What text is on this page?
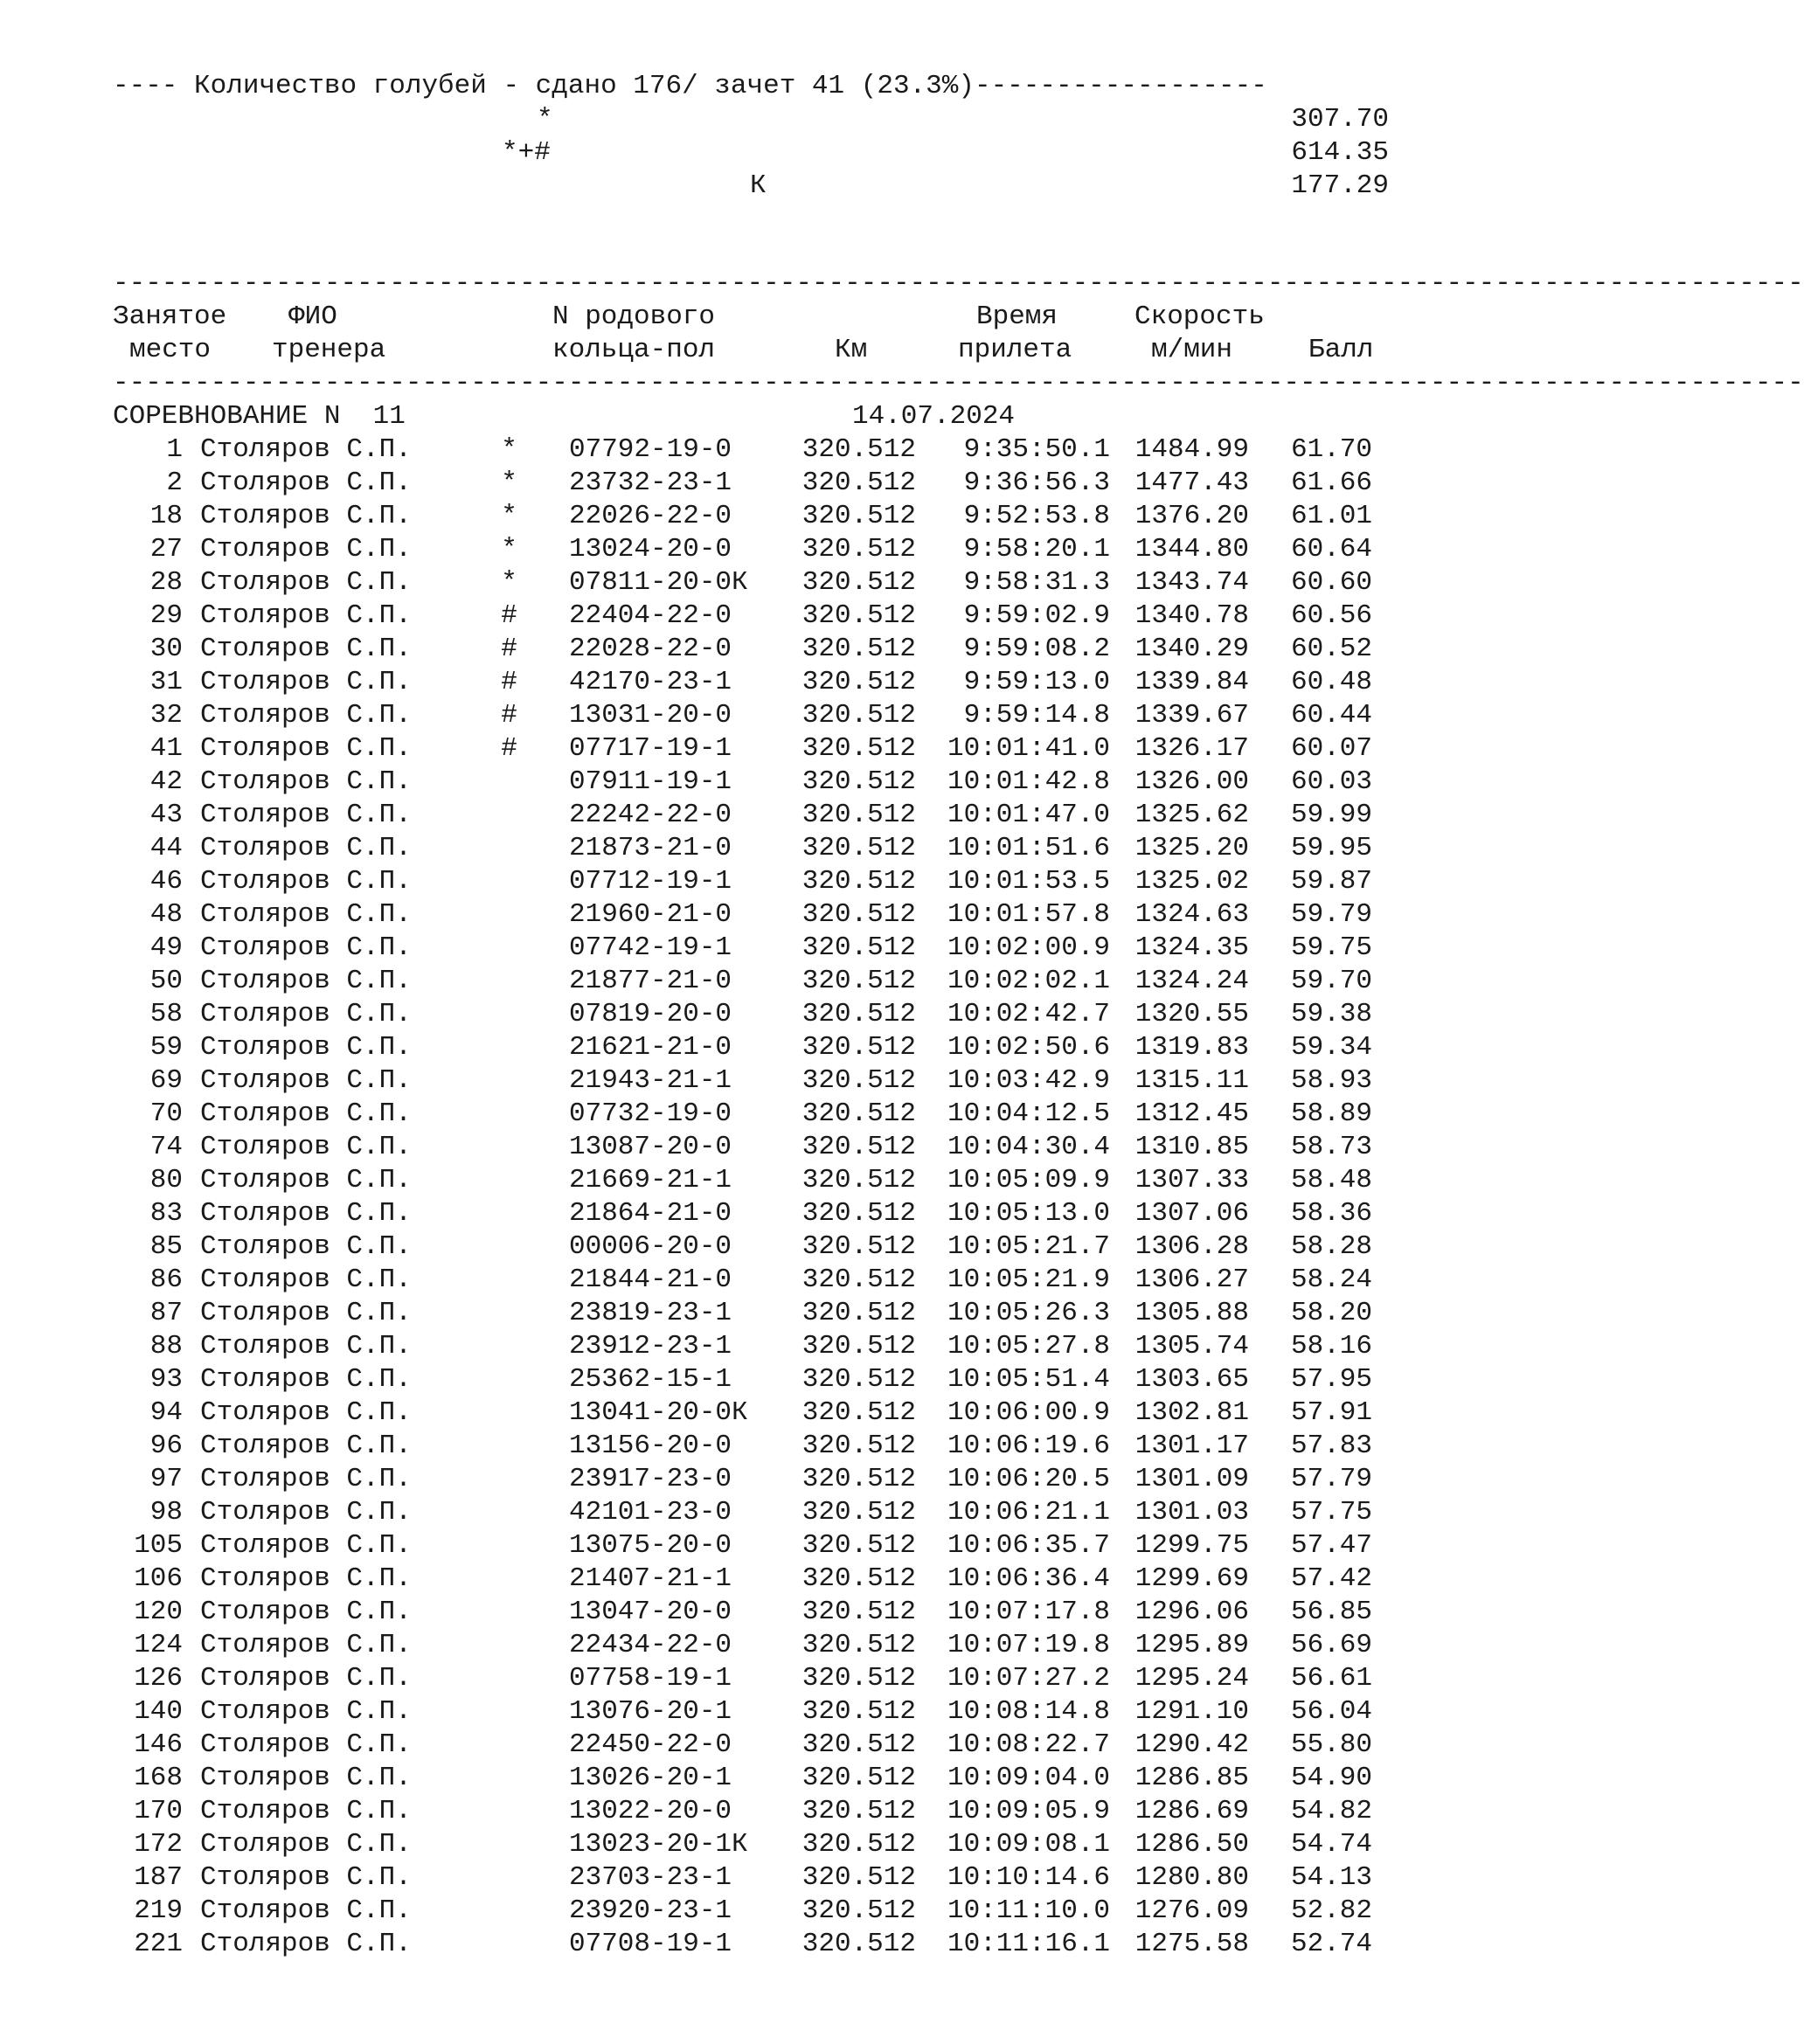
---- Количество голубей - сдано 176/ зачет 41 (23.3%)------------------
*	307.70
*+#	614.35
К	177.29
--------------------------------------------------------------------------------------------------------
Занятое
место
ФИО
тренера
N родового
кольца-пол	Км
Время
прилета
Скорость
м/мин	Балл
--------------------------------------------------------------------------------------------------------
СОРЕВНОВАНИЕ N  11	14.07.2024
1 Столяров С.П.	* 07792-19-0	320.512	9:35:50.1 1484.99	61.70
2 Столяров С.П.	* 23732-23-1	320.512	9:36:56.3 1477.43	61.66
18 Столяров С.П.	* 22026-22-0	320.512	9:52:53.8 1376.20	61.01
27 Столяров С.П.	* 13024-20-0	320.512	9:58:20.1 1344.80	60.64
28 Столяров С.П.	* 07811-20-0К	320.512	9:58:31.3 1343.74	60.60
29 Столяров С.П.	# 22404-22-0	320.512	9:59:02.9 1340.78	60.56
30 Столяров С.П.	# 22028-22-0	320.512	9:59:08.2 1340.29	60.52
31 Столяров С.П.	# 42170-23-1	320.512	9:59:13.0 1339.84	60.48
32 Столяров С.П.	# 13031-20-0	320.512	9:59:14.8 1339.67	60.44
41 Столяров С.П.	# 07717-19-1	320.512	10:01:41.0 1326.17	60.07
42 Столяров С.П.	07911-19-1	320.512	10:01:42.8 1326.00	60.03
43 Столяров С.П.	22242-22-0	320.512	10:01:47.0 1325.62	59.99
44 Столяров С.П.	21873-21-0	320.512	10:01:51.6 1325.20	59.95
46 Столяров С.П.	07712-19-1	320.512	10:01:53.5 1325.02	59.87
48 Столяров С.П.	21960-21-0	320.512	10:01:57.8 1324.63	59.79
49 Столяров С.П.	07742-19-1	320.512	10:02:00.9 1324.35	59.75
50 Столяров С.П.	21877-21-0	320.512	10:02:02.1 1324.24	59.70
58 Столяров С.П.	07819-20-0	320.512	10:02:42.7 1320.55	59.38
59 Столяров С.П.	21621-21-0	320.512	10:02:50.6 1319.83	59.34
69 Столяров С.П.	21943-21-1	320.512	10:03:42.9 1315.11	58.93
70 Столяров С.П.	07732-19-0	320.512	10:04:12.5 1312.45	58.89
74 Столяров С.П.	13087-20-0	320.512	10:04:30.4 1310.85	58.73
80 Столяров С.П.	21669-21-1	320.512	10:05:09.9 1307.33	58.48
83 Столяров С.П.	21864-21-0	320.512	10:05:13.0 1307.06	58.36
85 Столяров С.П.	00006-20-0	320.512	10:05:21.7 1306.28	58.28
86 Столяров С.П.	21844-21-0	320.512	10:05:21.9 1306.27	58.24
87 Столяров С.П.	23819-23-1	320.512	10:05:26.3 1305.88	58.20
88 Столяров С.П.	23912-23-1	320.512	10:05:27.8 1305.74	58.16
93 Столяров С.П.	25362-15-1	320.512	10:05:51.4 1303.65	57.95
94 Столяров С.П.	13041-20-0К	320.512	10:06:00.9 1302.81	57.91
96 Столяров С.П.	13156-20-0	320.512	10:06:19.6 1301.17	57.83
97 Столяров С.П.	23917-23-0	320.512	10:06:20.5 1301.09	57.79
98 Столяров С.П.	42101-23-0	320.512	10:06:21.1 1301.03	57.75
105 Столяров С.П.	13075-20-0	320.512	10:06:35.7 1299.75	57.47
106 Столяров С.П.	21407-21-1	320.512	10:06:36.4 1299.69	57.42
120 Столяров С.П.	13047-20-0	320.512	10:07:17.8 1296.06	56.85
124 Столяров С.П.	22434-22-0	320.512	10:07:19.8 1295.89	56.69
126 Столяров С.П.	07758-19-1	320.512	10:07:27.2 1295.24	56.61
140 Столяров С.П.	13076-20-1	320.512	10:08:14.8 1291.10	56.04
146 Столяров С.П.	22450-22-0	320.512	10:08:22.7 1290.42	55.80
168 Столяров С.П.	13026-20-1	320.512	10:09:04.0 1286.85	54.90
170 Столяров С.П.	13022-20-0	320.512	10:09:05.9 1286.69	54.82
172 Столяров С.П.	13023-20-1К	320.512	10:09:08.1 1286.50	54.74
187 Столяров С.П.	23703-23-1	320.512	10:10:14.6 1280.80	54.13
219 Столяров С.П.	23920-23-1	320.512	10:11:10.0 1276.09	52.82
221 Столяров С.П.	07708-19-1	320.512	10:11:16.1 1275.58	52.74
